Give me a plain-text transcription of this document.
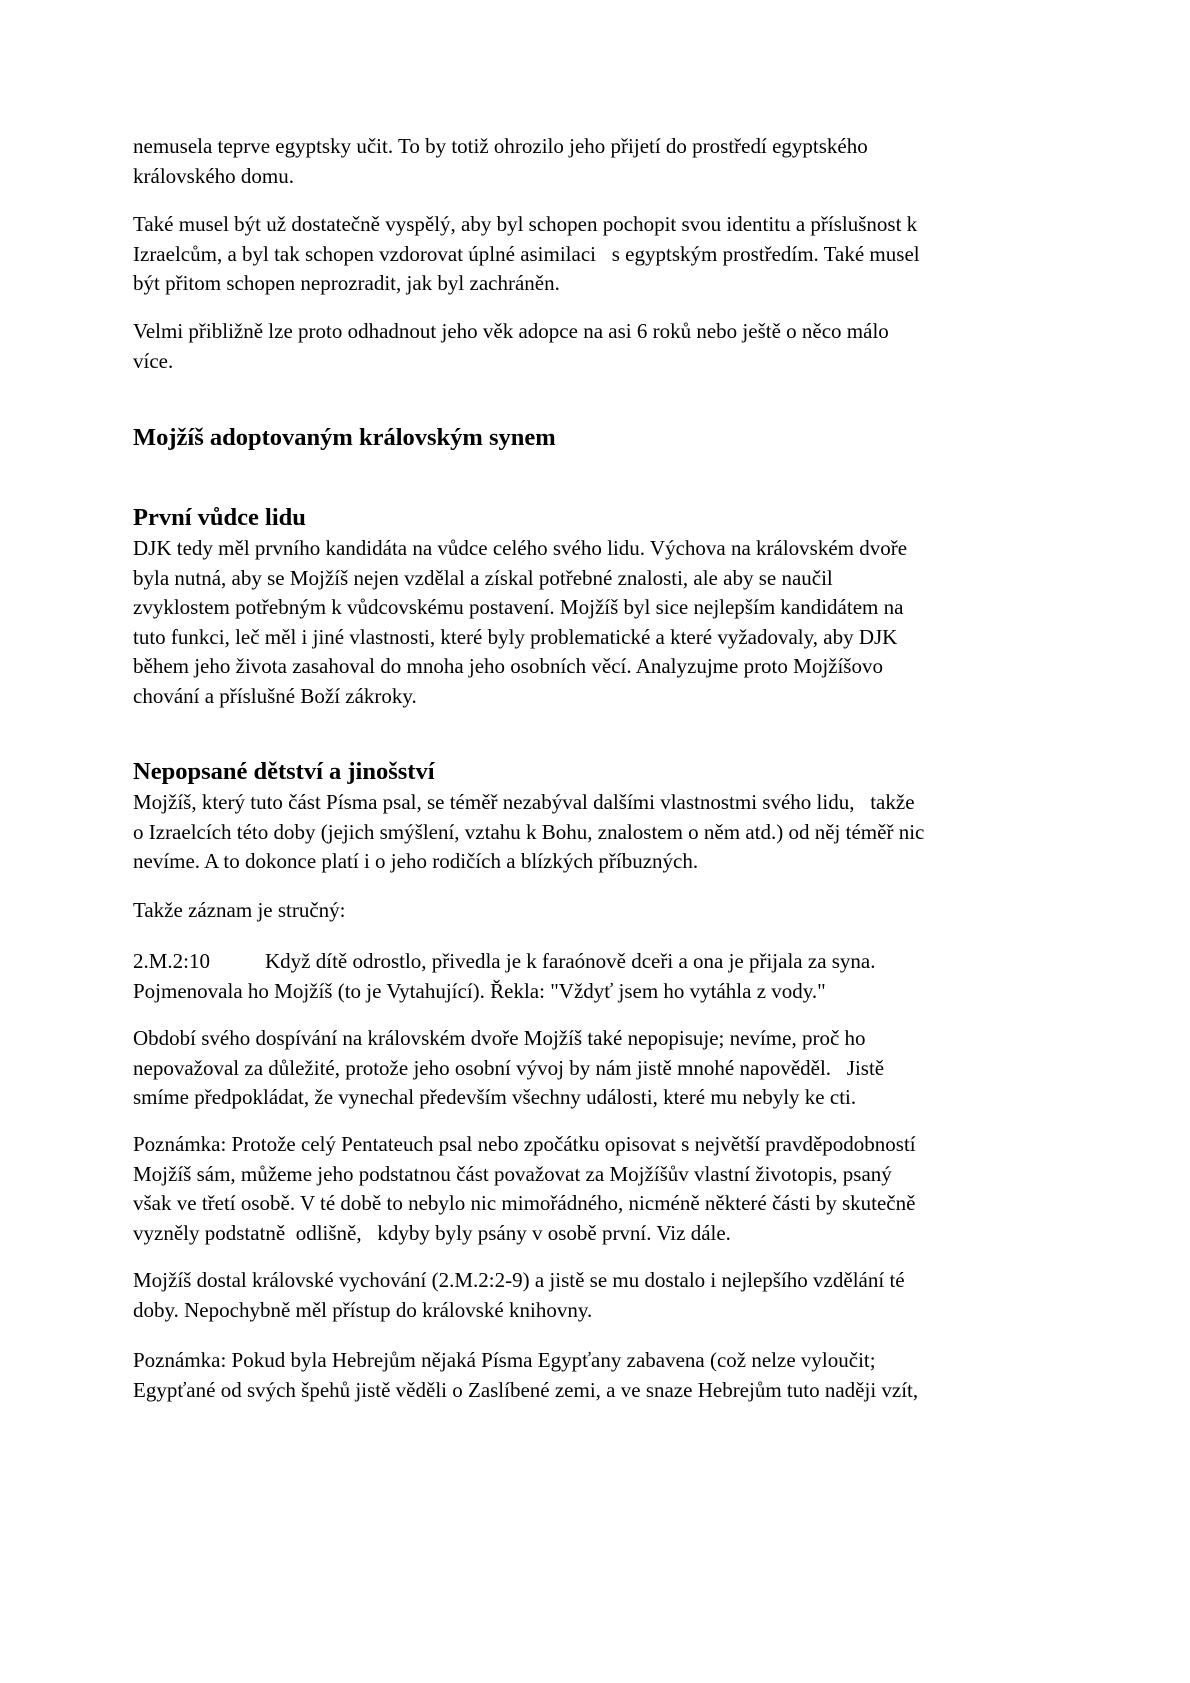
nemusela teprve egyptsky učit. To by totiž ohrozilo jeho přijetí do prostředí egyptského
královského domu.
Také musel být už dostatečně vyspělý, aby byl schopen pochopit svou identitu a příslušnost k
Izraelcům, a byl tak schopen vzdorovat úplné asimilaci   s egyptským prostředím. Také musel
být přitom schopen neprozradit, jak byl zachráněn.
Velmi přibližně lze proto odhadnout jeho věk adopce na asi 6 roků nebo ještě o něco málo
více.
Mojžíš adoptovaným královským synem
První vůdce lidu
DJK tedy měl prvního kandidáta na vůdce celého svého lidu. Výchova na královském dvoře
byla nutná, aby se Mojžíš nejen vzdělal a získal potřebné znalosti, ale aby se naučil
zvyklostem potřebným k vůdcovskému postavení. Mojžíš byl sice nejlepším kandidátem na
tuto funkci, leč měl i jiné vlastnosti, které byly problematické a které vyžadovaly, aby DJK
během jeho života zasahoval do mnoha jeho osobních věcí. Analyzujme proto Mojžíšovo
chování a příslušné Boží zákroky.
Nepopsané dětství a jinošství
Mojžíš, který tuto část Písma psal, se téměř nezabýval dalšími vlastnostmi svého lidu,   takže
o Izraelcích této doby (jejich smýšlení, vztahu k Bohu, znalostem o něm atd.) od něj téměř nic
nevíme. A to dokonce platí i o jeho rodičích a blízkých příbuzných.
Takže záznam je stručný:
2.M.2:10	Když dítě odrostlo, přivedla je k faraónově dceři a ona je přijala za syna.
Pojmenovala ho Mojžíš (to je Vytahující). Řekla: "Vždyť jsem ho vytáhla z vody."
Období svého dospívání na královském dvoře Mojžíš také nepopisuje; nevíme, proč ho
nepovažoval za důležité, protože jeho osobní vývoj by nám jistě mnohé napověděl.   Jistě
smíme předpokládat, že vynechal především všechny události, které mu nebyly ke cti.
Poznámka: Protože celý Pentateuch psal nebo zpočátku opisovat s největší pravděpodobností
Mojžíš sám, můžeme jeho podstatnou část považovat za Mojžíšův vlastní životopis, psaný
však ve třetí osobě. V té době to nebylo nic mimořádného, nicméně některé části by skutečně
vyzněly podstatně  odlišně,   kdyby byly psány v osobě první. Viz dále.
Mojžíš dostal královské vychování (2.M.2:2-9) a jistě se mu dostalo i nejlepšího vzdělání té
doby. Nepochybně měl přístup do královské knihovny.
Poznámka: Pokud byla Hebrejům nějaká Písma Egypťany zabavena (což nelze vyloučit;
Egypťané od svých špehů jistě věděli o Zaslíbené zemi, a ve snaze Hebrejům tuto naději vzít,
